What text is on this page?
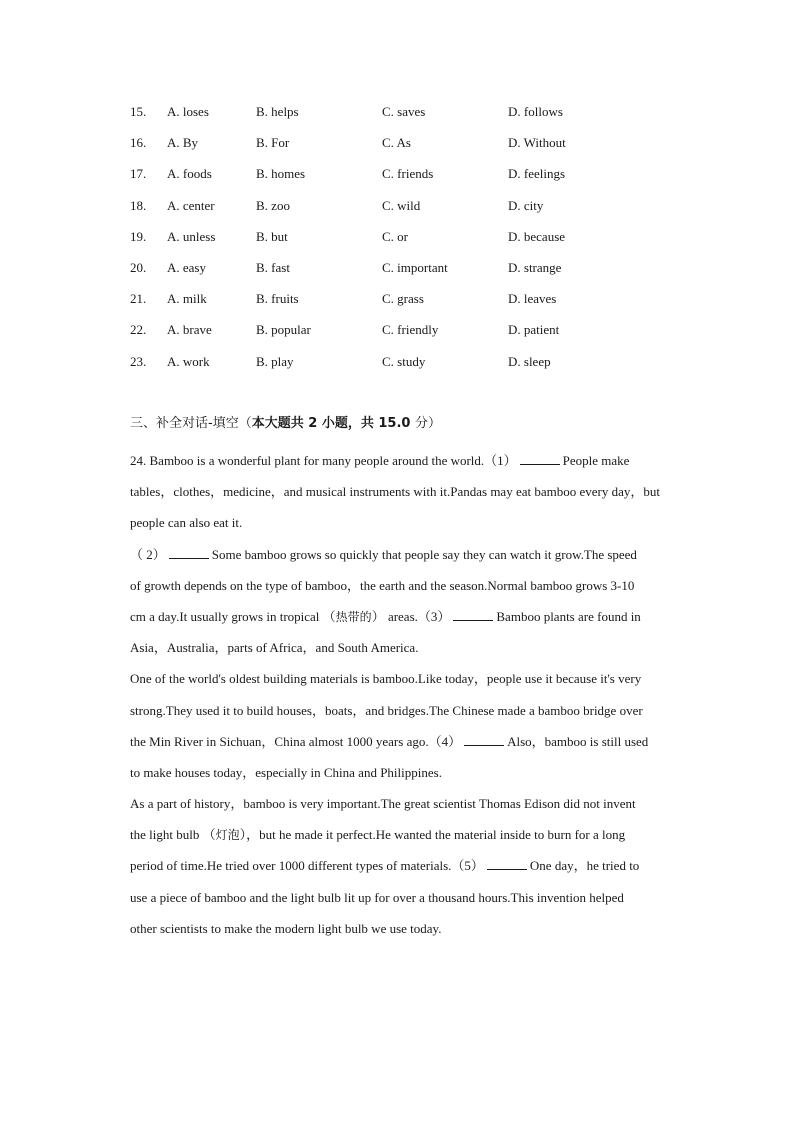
15. A. loses	B. helps	C. saves	D. follows
16. A. By	B. For	C. As	D. Without
17. A. foods	B. homes	C. friends	D. feelings
18. A. center	B. zoo	C. wild	D. city
19. A. unless	B. but	C. or	D. because
20. A. easy	B. fast	C. important	D. strange
21. A. milk	B. fruits	C. grass	D. leaves
22. A. brave	B. popular	C. friendly	D. patient
23. A. work	B. play	C. study	D. sleep
三、补全对话-填空（本大题共 2 小题，共 15.0 分）
24. Bamboo is a wonderful plant for many people around the world.（1）	People make
tables，clothes，medicine，and musical instruments with it.Pandas may eat bamboo every day，but
people can also eat it.
（ 2）	Some bamboo grows so quickly that people say they can watch it grow.The speed
of growth depends on the type of bamboo，the earth and the season.Normal bamboo grows 3-10
cm a day.It usually grows in tropical （热带的） areas.（3）	Bamboo plants are found in
Asia，Australia，parts of Africa，and South America.
One of the world's oldest building materials is bamboo.Like today，people use it because it's very
strong.They used it to build houses，boats，and bridges.The Chinese made a bamboo bridge over
the Min River in Sichuan，China almost 1000 years ago.（4）	Also，bamboo is still used
to make houses today，especially in China and Philippines.
As a part of history，bamboo is very important.The great scientist Thomas Edison did not invent
the light bulb （灯泡），but he made it perfect.He wanted the material inside to burn for a long
period of time.He tried over 1000 different types of materials.（5）	One day，he tried to
use a piece of bamboo and the light bulb lit up for over a thousand hours.This invention helped
other scientists to make the modern light bulb we use today.
